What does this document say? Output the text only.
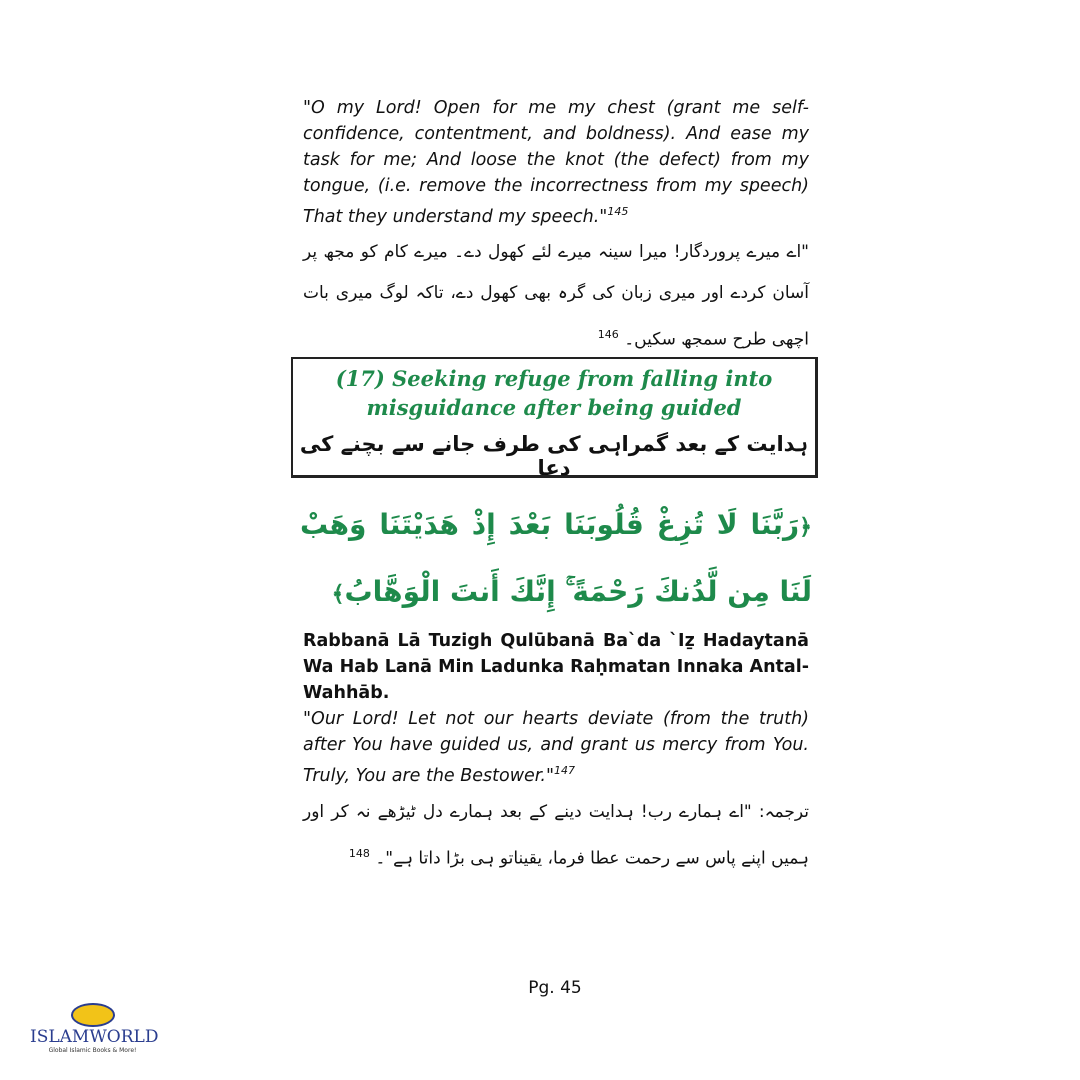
"O my Lord! Open for me my chest (grant me self-confidence, contentment, and boldness). And ease my task for me; And loose the knot (the defect) from my tongue, (i.e. remove the incorrectness from my speech) That they understand my speech."$^{145}$

"اے میرے پروردگار! میرا سینہ میرے لئے کھول دے۔ میرے کام کو مجھ پر آسان کردے اور میری زبان کی گرہ بھی کھول دے، تاکہ لوگ میری بات اچھی طرح سمجھ سکیں۔ $^{146}$

(17) Seeking refuge from falling into
misguidance after being guided
ہدایت کے بعد گمراہی کی طرف جانے سے بچنے کی دعا
﴿رَبَّنَا لَا تُزِغْ قُلُوبَنَا بَعْدَ إِذْ هَدَيْتَنَا وَهَبْ لَنَا مِن لَّدُنكَ رَحْمَةً ۚ إِنَّكَ أَنتَ الْوَهَّابُ﴾

Rabbanā Lā Tuzigh Qulūbanā Ba`da `Iẕ Hadaytanā Wa Hab Lanā Min Ladunka Raḥmatan Innaka Antal-Wahhāb.

"Our Lord! Let not our hearts deviate (from the truth) after You have guided us, and grant us mercy from You. Truly, You are the Bestower."$^{147}$

ترجمہ: "اے ہمارے رب! ہدایت دینے کے بعد ہمارے دل ٹیڑھے نہ کر اور ہمیں اپنے پاس سے رحمت عطا فرما، یقیناتو ہی بڑا داتا ہے"۔ $^{148}$

Pg. 45
ISLAMWORLD
Global Islamic Books & More!
